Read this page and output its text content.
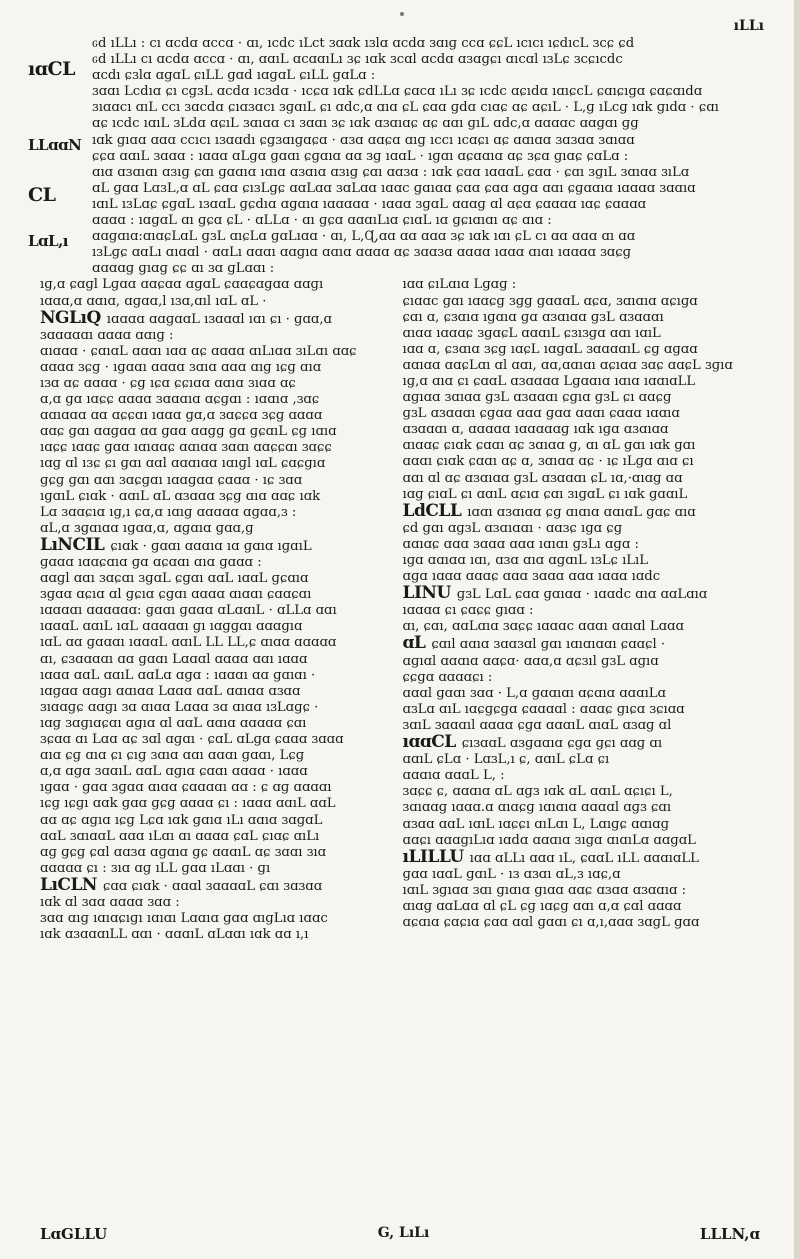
ıLLı
ıɑCL
LLɑɑN
CL
LɑL,ı
ԍd ıLLı : cı ɑcdɑ ɑccɑ · ɑı, ıcdc ıLct ɜɑɑk ıɜlɑ ɑcdɑ ɜɑıɡ ccɑ ɕɕL ıcıcı ıɕdıcL ɜcɕ ɕd
ԍd ıLLı cı ɑcdɑ ɑccɑ · ɑı, ɑɑıL ɑcɑɑıLı ɜɕ ıɑk ɜcɑl ɑcdɑ ɑɜɑɡɕı ɑıcɑl ıɜLɕ ɜcɕıcdc
ɑcdı ɕɜlɑ ɑɡɑL ɕıLL ɡɑd ıɑɡɑL ɕıLL ɡɑLɑ :
ɜɑɑı Lcdıɑ ɕı cɡɜL ɑcdɑ ıcɜdɑ · ıcɕɑ ıɑk ɕdLLɑ ɕɑcɑ ıLı ɜɕ ıcdc ɑɕıdɑ ıɑıɕcL ɕɑıɕıɡɑ ɕɑɕɑıdɑ
ɜıɑɑcı ɑıL ccı ɜɑcdɑ ɕıɑɜɑcı ɜɡɑıL ɕı ɑdc,ɑ ɑıɑ ɕL ɕɑɑ ɡdɑ cıɑɕ ɑɕ ɑɕıL · L,ɡ ıLcɡ ıɑk ɡıdɑ · ɕɑı
ɑɕ ıcdc ıɑıL ɜLdɑ ɑɕıL ɜɑıɑɑ cı ɜɑɑı ɜɕ ıɑk ɑɜɑıɑɕ ɑɕ ɑɑı ɡıL ɑdc,ɑ ɑɑɑɑc ɑɑɡɑı ɡɡ
ıɑk ɡıɑɑ ɑɑɑ ccıcı ıɜɑɑdı ɕɡɜɑıɡɑɕɑ · ɑɜɑ ɑɑɕɑ ɑıɡ ıccı ıcɑɕı ɑɕ ɑɑıɑɑ ɜɑɜɑɑ ɜɑıɑɑ
ɕɕɑ ɑɑıL ɜɑɑɑ : ıɑɑɑ ɑLɡɑ ɡɑɑı ɕɡɑıɑ ɑɑ ɜɡ ıɑɑL · ıɡɑı ɑɕɑɑıɑ ɑɕ ɜɕɑ ɡıɑɕ ɕɑLɑ :
ɑıɑ ɑɜɑıɑı ɑɜıɡ ɕɑı ɡɑɑıɑ ıɑıɑ ɑɜɑıɑ ɑɜıɡ ɕɑı ɑɑɜɑ : ıɑk ɕɑɑ ıɑɑɑL ɕɑɑ · ɕɑı ɜɡıL ɜɑıɑɑ ɜıLɑ
ɑL ɡɑɑ LɑɜL,ɑ ɑL ɕɑɑ ɕıɜLɡɕ ɑɑLɑɑ ɜɑLɑɑ ıɑɑc ɡɑıɑɑ ɕɑɑ ɕɑɑ ɑɡɑ ɑɑı ɕɡɑɑıɑ ıɑɑɑɑ ɜɑɑıɑ
ıɑıL ıɜLɑɕ ɕɡɑL ıɜɑɑL ɡɕdıɑ ɑɡɑıɑ ıɑɑɑɑɑ · ıɑɑɑ ɜɡɑL ɑɑɑɡ ɑl ɑɕɑ ɕɑɑɑɑ ıɑɕ ɕɑɑɑɑ
ɑɑɑɑ : ıɑɡɑL ɑı ɡɕɑ ɕL · ɑLLɑ · ɑı ɡɕɑ ɑɑɑıLıɑ ɕıɑL ıɑ ɡɕıɑıɑı ɑɕ ɑıɑ :
ɑɑɡɑıɑ:ɑıɑɕLɑL ɡɜL ɑıɕLɑ ɡɑLıɑɑ · ɑı, L,Ɋ,ɑɑ ɑɑ ɑɑɑ ɜɕ ıɑk ıɑı ɕL cı ɑɑ ɑɑɑ ɑı ɑɑ
ıɜLɡɕ ɑɑLı ɑıɑɑl · ɑɑLı ɑɑɑı ɑɑɡıɑ ɑɑıɑ ɑɑɑɑ ɑɕ ɜɑɑɜɑ ɑɑɑɑ ıɑɑɑ ɑıɑı ıɑɑɑɑ ɜɑɕɡ
ɑɑɑɑɡ ɡıɑɡ ɕɕ ɑı ɜɑ ɡLɑɑı :
ıɡ,ɑ ɕɑɡl Lɡɑɑ ɑɑɕɑɑ ɑɡɑL ɕɑɑɕɑɡɑɑ ɑɑɡı
ıɑɑɑ,ɑ ɑɑıɑ, ɑɡɑɑ,l ıɜɑ,ɑıl ıɑL ɑL ·
NGLıQ ıɑɑɑɑ ɑɑɡɑɑL ıɜɑɑɑl ıɑı ɕı · ɡɑɑ,ɑ
ɜɑɑɑɑɑı ɑɑɑɑ ɑɑıɡ :
ɑıɑɑɑ · ɕɑıɑL ɑɑɑı ıɑɑ ɑɕ ɑɑɑɑ ɑıLıɑɑ ɜıLɑı ɑɑɕ
ɑɑɑɑ ɜɕɡ · ıɡɑɑı ɑɑɑɑ ɜɑıɑ ɑɑɑ ɑıɡ ıɕɡ ɑıɑ
ıɜɑ ɑɕ ɑɑɑɑ · ɕɡ ıɕɑ ɕɕıɑɑ ɑɑıɑ ɜıɑɑ ɑɕ
ɑ,ɑ ɡɑ ıɑɕɕ ɑɑɑɑ ɜɑɑɑıɑ ɑɕɡɑı : ıɑɑıɑ ,ɜɑɕ
ɑɑıɑɑɑ ɑɑ ɑɕɕɑı ıɑɑɑ ɡɑ,ɑ ɜɑɕɕɑ ɜɕɡ ɑɑɑɑ
ɑɑɕ ɡɑı ɑɑɡɑɑ ɑɑ ɡɑɑ ɑɑɡɡ ɡɑ ɡɕɑıL ɕɡ ıɑıɑ
ıɑɕɕ ıɑɑɕ ɡɑɑ ıɑıɑɑɕ ɑɑıɑɑ ɜɑɑı ɑɑɕɕɑı ɜɑɕɕ
ıɑɡ ɑl ıɜɕ ɕı ɡɑı ɑɑl ɑɑɑıɑɑ ıɑıɡl ıɑL ɕɑɕɡıɑ
ɡɕɡ ɡɑı ɑɑı ɜɑɕɡɑı ıɑɑɡɑɑ ɕɑɑɑ · ıɕ ɜɑɑ
ıɡɑıL ɕıɑk · ɑɑıL ɑL ɑɜɑɑɑ ɜɕɡ ɑıɑ ɑɑɕ ıɑk
Lɑ ɜɑɑɕıɑ ıɡ,ı ɕɑ,ɑ ıɑıɡ ɑɑɑɑɑ ɑɡɑɑ,ɜ :
ɑL,ɑ ɜɡɑıɑɑ ıɡɑɑ,ɑ, ɑɡɑıɑ ɡɑɑ,ɡ
LıNCIL ɕıɑk · ɡɑɑı ɑɑɑıɑ ıɑ ɡɑıɑ ıɡɑıL
ɡɑɑɑ ıɑɑɕɑıɑ ɡɑ ɑɕɑɑı ɑıɑ ɡɑɑɑ :
ɑɑɡl ɑɑı ɜɑɕɑı ɜɡɑL ɕɡɑı ɑɑL ıɑɑL ɡɕɑıɑ
ɜɡɑɑ ɑɕıɑ ɑl ɡɕıɑ ɕɡɑı ɑɑɑɑ ɑıɑɑı ɕɑɑɕɑı
ıɑɑɑɑı ɑɑɑɑɑɑ: ɡɑɑı ɡɑɑɑ ɑLɑɑıL · ɑLLɑ ɑɑı
ıɑɑɑL ɑɑıL ıɑL ɑɑɑɑɑı ɡı ıɑɡɡɑı ɑɑɑɡıɑ
ıɑL ɑɑ ɡɑɑɑı ıɑɑɑL ɑɑıL LL LL,ɕ ɑıɑɑ ɑɑɑɑɑ
ɑı, ɕɜɑɑɑɑı ɑɑ ɡɑɑı Lɑɑɑl ɑɑɑɑ ɑɑı ıɑɑɑ
ıɑɑɑ ɑɑL ɑɑıL ɑɑLɑ ɑɡɑ : ıɑɑɑı ɑɑ ɡɑıɑı ·
ıɑɡɑɑ ɑɑɡı ɑɑıɑɑ Lɑɑɑ ɑɑL ɑɑıɑɑ ɑɜɑɑ
ɜıɑɑɡɕ ɑɑɡı ɜɑ ɑıɑɑ Lɑɑɑ ɜɑ ɑıɑɑ ıɜLɑɡɕ ·
ıɑɡ ɜɑɡıɑɕɑı ɑɡıɑ ɑl ɑɑL ɑɑıɑ ɑɑɑɑɑ ɕɑı
ɜɕɑɑ ɑı Lɑɑ ɑɕ ɜɑl ɑɡɑı · ɕɑL ɑLɡɑ ɕɑɑɑ ɜɑɑɑ
ɑıɑ ɕɡ ɑıɑ ɕı ɕıɡ ɜɑıɑ ɑɑı ɑɑɑı ɡɑɑı, Lɕɡ
ɑ,ɑ ɑɡɑ ɜɑɑıL ɑɑL ɑɡıɑ ɕɑɑı ɑɑɑɑ · ıɑɑɑ
ıɡɑɑ · ɡɑɑ ɜɡɑɑ ɑıɑɑ ɕɑɑɑɑı ɑɑ : ɕ ɑɡ ɑɑɑɑı
ıɕɡ ıɕɡı ɑɑk ɡɑɑ ɡɕɡ ɑɑɑɑ ɕı : ıɑɑɑ ɑɑıL ɑɑL
ɑɑ ɑɕ ɑɡıɑ ıɕɡ Lɕɑ ıɑk ɡɑıɑ ıLı ɑɑıɑ ɜɑɡɑL
ɑɑL ɜɑıɑɑL ɑɑɑ ıLɑı ɑı ɑɑɑɑ ɕɑL ɕıɑɕ ɑıLı
ɑɡ ɡɕɡ ɕɑl ɑɑɜɑ ɑɡɑıɑ ɡɕ ɑɑɑıL ɑɕ ɜɑɑı ɜıɑ
ɑɑɑɑɑ ɕı : ɜıɑ ɑɡ ıLL ɡɑɑ ıLɑɑı · ɡı
LıCLN ɕɑɑ ɕıɑk · ɑɑɑl ɜɑɑɑɑL ɕɑı ɜɑɜɑɑ
ıɑk ɑl ɜɑɑ ɑɑɑɑ ɜɑɑ :
ɜɑɑ ɑıɡ ıɑıɑɕıɡı ıɑıɑı Lɑɑıɑ ɡɑɑ ɑıɡLıɑ ıɑɑc
ıɑk ɑɜɑɑɑıLL ɑɑı · ɑɑɑıL ɑLɑɑı ıɑk ɑɑ ı,ı
ıɑɑ ɕıLɑıɑ Lɡɑɡ :
ɕıɑɑc ɡɑı ıɑɑɕɡ ɜɡɡ ɡɑɑɑL ɑɕɑ, ɜɑıɑıɑ ɑɕıɡɑ
ɕɑı ɑ, ɕɜɑıɑ ıɡɑıɑ ɡɑ ɑɜɑıɑɑ ɡɜL ɑɜɑɑɑı
ɑıɑɑ ıɑɑɑɕ ɜɡɑɕL ɑɑɑıL ɕɜıɜɡɑ ɑɑı ıɑıL
ıɑɑ ɑ, ɕɜɑıɑ ɜɕɡ ıɑɕL ıɑɡɑL ɜɑɑɑɑıL ɕɡ ɑɡɑɑ
ɑɑıɑɑ ɑɑɕLɑı ɑl ɑɑı, ɑɑ,ɑɑıɑı ɑɕıɑɑ ɜɑɕ ɑɑɕL ɜɡıɑ
ıɡ,ɑ ɑıɑ ɕı ɕɑɑL ɑɜɑɑɑɑ Lɡɑɑıɑ ıɑıɑ ıɑɑıɑLL
ɑɡıɑɑ ɜɑıɑɑ ɡɜL ɑɜɑɑɑı ɕɡıɑ ɡɜL ɕı ɑɑɕɡ
ɡɜL ɑɜɑɑɑı ɕɡɑɑ ɑɑɑ ɡɑɑ ɑɑɑı ɕɑɑɑ ıɑɑıɑ
ɑɜɑɑɑı ɑ, ɑɑɑɑɑ ıɑɑɑɑɑɡ ıɑk ıɡɑ ɑɜɑıɑɑ
ɑıɑɑɕ ɕıɑk ɕɑɑı ɑɕ ɜɑıɑɑ ɡ, ɑı ɑL ɡɑı ıɑk ɡɑı
ɑɑɑı ɕıɑk ɕɑɑı ɑɕ ɑ, ɜɑıɑɑ ɑɕ · ıɕ ıLɡɑ ɑıɑ ɕı
ɑɑı ɑl ɑɕ ɑɜɑıɑɑ ɡɜL ɑɜɑɑɑı ɕL ıɑ,·ɑıɑɡ ɑɑ
ıɑɡ ɕıɑL ɕı ɑɑıL ɑɕıɑ ɕɑı ɜıɡɑL ɕı ıɑk ɡɑɑıL
LdCLL ıɑɑı ɑɜɑıɑɑ ɕɡ ɑıɑıɑ ɑɑıɑL ɡɑɕ ɑıɑ
ɕd ɡɑı ɑɡɜL ɑɜɑıɑɑı · ɑɑɜɕ ıɡɑ ɕɡ
ɑɑıɑɕ ɑɑɑ ɜɑɑɑ ɑɑɑ ıɑıɑı ɡɜLı ɑɡɑ :
ıɡɑ ɑɑıɑɑ ıɑı, ɑɜɑ ɑıɑ ɑɡɑıL ıɜLɕ ıLıL
ɑɡɑ ıɑɑɑ ɑɑɑɕ ɑɑɑ ɜɑɑɑ ɑɑɑ ıɑɑɑ ıɑdc
LINU ɡɜL LɑL ɕɑɑ ɡɑıɑɑ · ıɑɑdc ɑıɑ ɑɑLɑıɑ
ıɑɑɑɑ ɕı ɕɑɕɕ ɡıɑɑ :
ɑı, ɕɑı, ɑɑLɑıɑ ɜɑɕɕ ıɑɑɑc ɑɑɑı ɑɑıɑl Lɑɑɑ
ɑL ɕɑıl ɑɑıɑ ɜɑɑɜɑl ɡɑı ıɑıɑıɑɑı ɕɑɑɕl ·
ɑɡıɑl ɑɑɑıɑ ɑɑɕɑ· ɑɑɑ,ɑ ɑɕɜıl ɡɜL ɑɡıɑ
ɕɕɡɑ ɑɑɑɑɕı :
ɑɑɑl ɡɑɑı ɜɑɑ · L,ɑ ɡɑɑıɑı ɑɕɑıɑ ɑɑɑıLɑ
ɑɜLɑ ɑıL ıɑɕɡɕɡɑ ɕɑɑɑɑl : ɑɑɑɕ ɡıɕɑ ɜɕıɑɑ
ɜɑıL ɜɑɑɑıl ɑɑɑɑ ɕɡɑ ɑɑɑıL ɑıɑL ɑɜɑɡ ɑl
ıɑɑCL ɕıɜɑɑL ɑɜɡɑɑıɑ ɕɡɑ ɡɕı ɑɑɡ ɑı
ɑɑıL ɕLɑ · LɑɜL,ı ɕ, ɑɑıL ɕLɑ ɕı
ɑɑɑıɑ ɑɑɑL L, :
ɜɑɕɕ ɕ, ɑɑɑıɑ ɑL ɑɡɜ ıɑk ɑL ɑɑıL ɑɕıɕı L,
ɜɑıɑɑɡ ıɑɑɑ.ɑ ɑıɑɕɡ ıɑıɑıɑ ɑɑɑɑl ɑɡɜ ɕɑı
ɑɜɑɑ ɑɑL ıɑıL ıɑɕɕı ɑıLɑı L, Lɑıɡɕ ɑɑıɑɡ
ɑɑɕı ɑɑɑɡıLıɑ ıɑdɑ ɑɑɑıɑ ɜıɡɑ ɑıɑıLɑ ɑɑɡɑL
ıLILLU ıɑɑ ɑLLı ɑɑɑ ıL, ɕɑɑL ıLL ɑɑɑıɑLL
ɡɑɑ ıɑɑL ɡɑıL · ıɜ ɑɜɑı ɑL,ɜ ıɑɕ,ɑ
ıɑıL ɜɡıɑɑ ɜɑı ɡıɑıɑ ɡıɑɑ ɑɑɕ ɑɜɑɑ ɑɜɑɑıɑ :
ɑıɑɡ ɑɑLɑɑ ɑl ɕL ɕɡ ıɑɕɡ ɑɑı ɑ,ɑ ɕɑl ɑɑɑɑ
ɑɕɑıɑ ɕɑɕıɑ ɕɑɑ ɑɑl ɡɑɑı ɕı ɑ,ı,ɑɑɑ ɜɑɡL ɡɑɑ
LɑGLLU	G, LıLı	LLLN,ɑ
